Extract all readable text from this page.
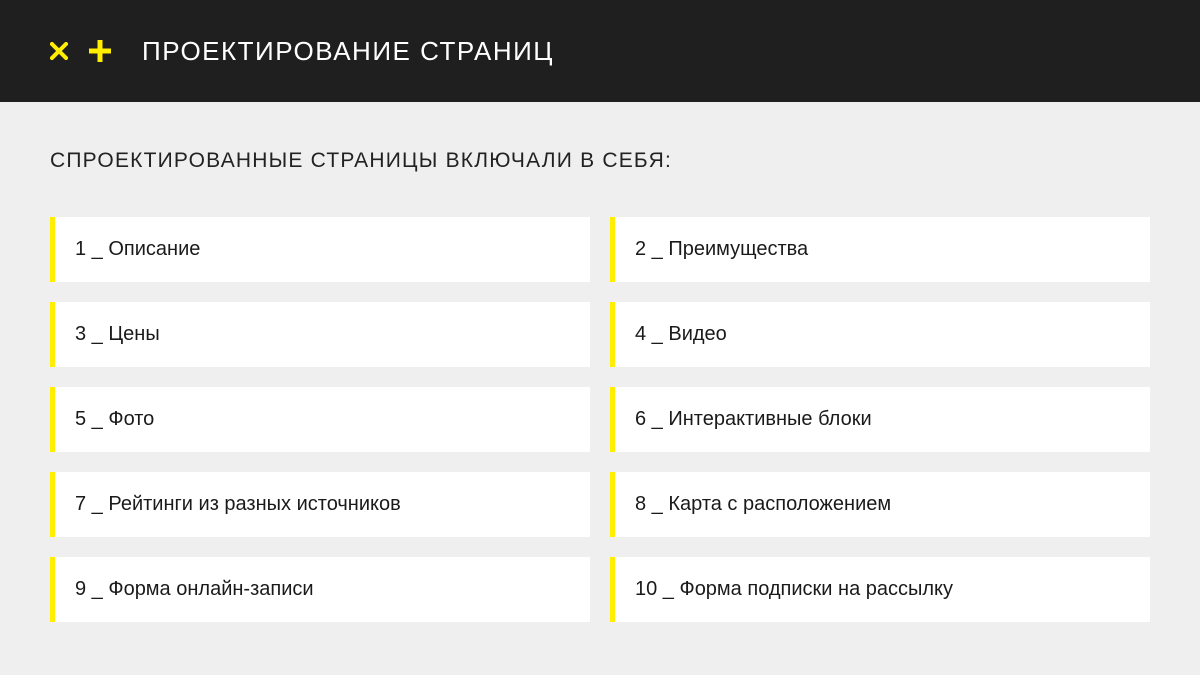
ПРОЕКТИРОВАНИЕ СТРАНИЦ
СПРОЕКТИРОВАННЫЕ СТРАНИЦЫ ВКЛЮЧАЛИ В СЕБЯ:
1 _ Описание	2 _ Преимущества
3 _ Цены	4 _ Видео
5 _ Фото	6 _ Интерактивные блоки
7 _ Рейтинги из разных источников	8 _ Карта с расположением
9 _ Форма онлайн-записи	10 _ Форма подписки на рассылку
